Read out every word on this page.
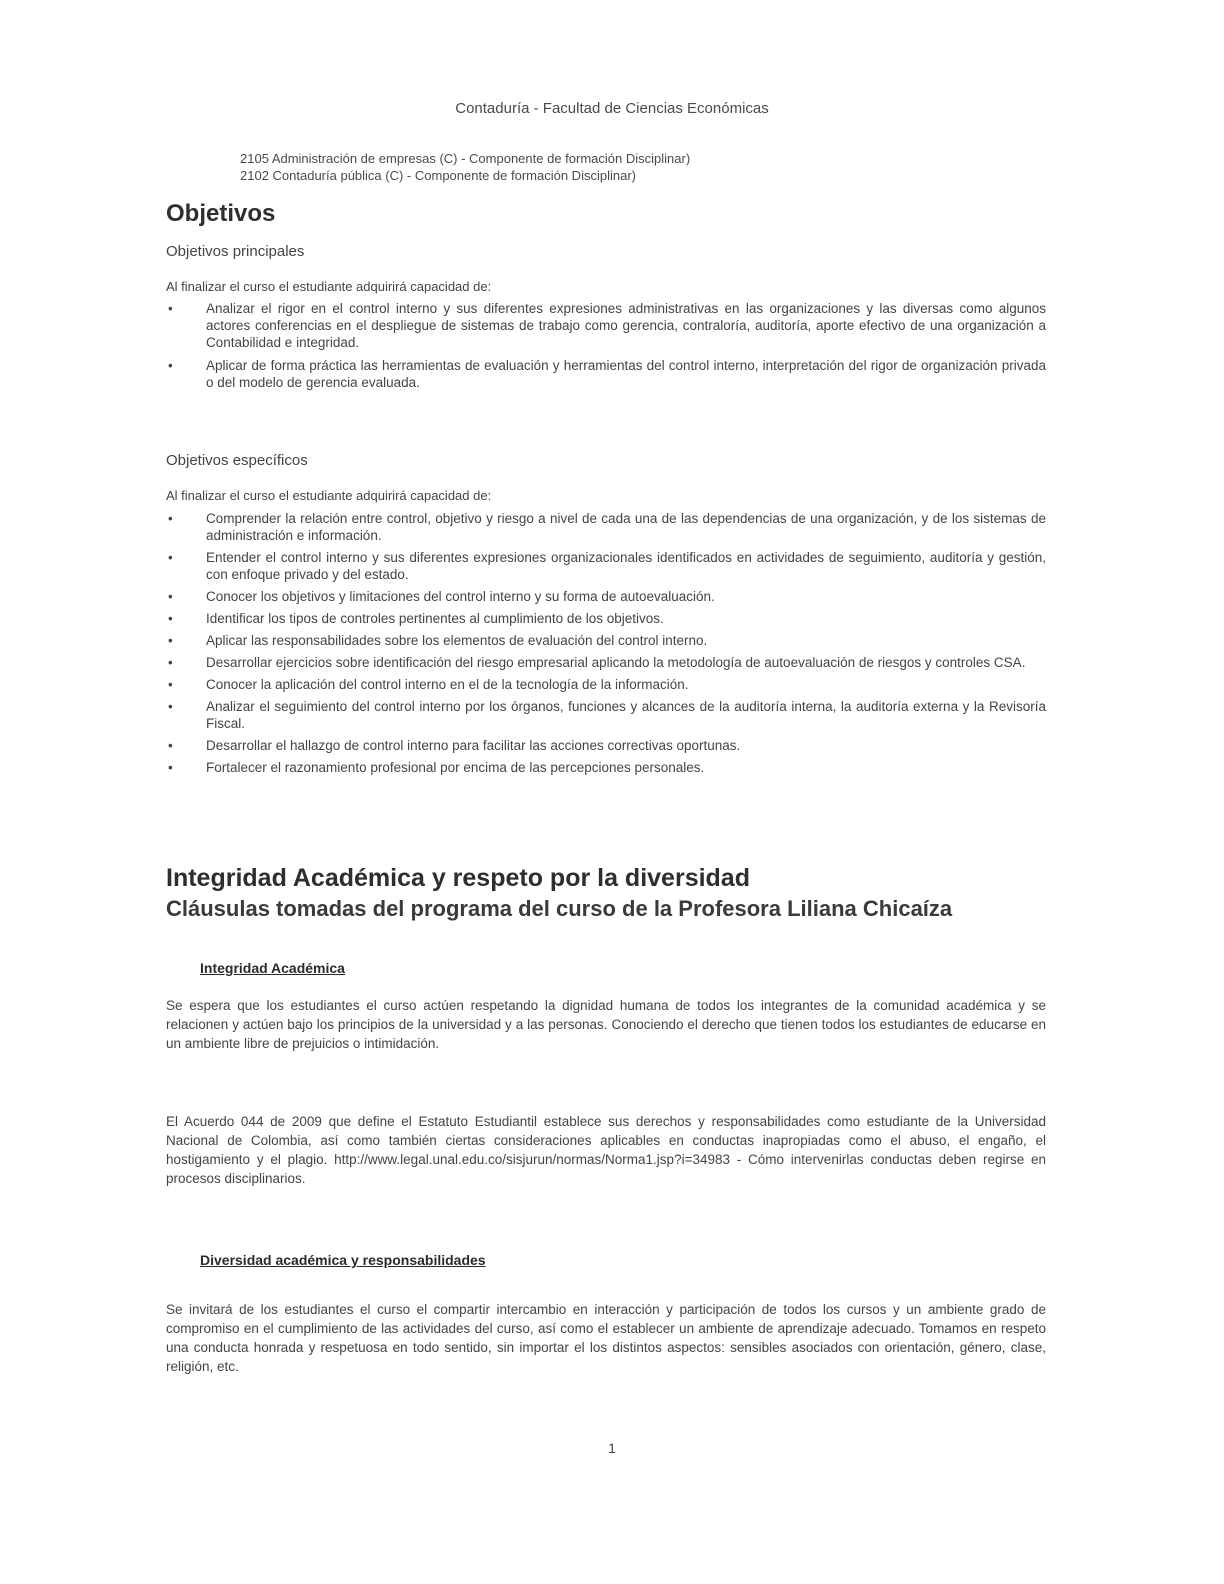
Contaduría - Facultad de Ciencias Económicas
2105 Administración de empresas (C) - Componente de formación Disciplinar)
2102 Contaduría pública (C) - Componente de formación Disciplinar)
Objetivos
Objetivos principales
Al finalizar el curso el estudiante adquirirá capacidad de:
• Analizar el rigor en el control interno y sus diferentes expresiones administrativas en las organizaciones y las diversas como algunos actores conferencias en el despliegue de sistemas de trabajo como gerencia, contraloría, auditoría, aporte efectivo de una organización a Contabilidad e integridad.
• Aplicar de forma práctica las herramientas de evaluación y herramientas del control interno, interpretación del rigor de organización privada o del modelo de gerencia evaluada.
Objetivos específicos
Al finalizar el curso el estudiante adquirirá capacidad de:
• Comprender la relación entre control, objetivo y riesgo a nivel de cada una de las dependencias de una organización, y de los sistemas de administración e información.
• Entender el control interno y sus diferentes expresiones organizacionales identificados en actividades de seguimiento, auditoría y gestión, con enfoque privado y del estado.
• Conocer los objetivos y limitaciones del control interno y su forma de autoevaluación.
• Identificar los tipos de controles pertinentes al cumplimiento de los objetivos.
• Aplicar las responsabilidades sobre los elementos de evaluación del control interno.
• Desarrollar ejercicios sobre identificación del riesgo empresarial aplicando la metodología de autoevaluación de riesgos y controles CSA.
• Conocer la aplicación del control interno en el de la tecnología de la información.
• Analizar el seguimiento del control interno por los órganos, funciones y alcances de la auditoría interna, la auditoría externa y la Revisoría Fiscal.
• Desarrollar el hallazgo de control interno para facilitar las acciones correctivas oportunas.
• Fortalecer el razonamiento profesional por encima de las percepciones personales.
Integridad Académica y respeto por la diversidad
Cláusulas tomadas del programa del curso de la Profesora Liliana Chicaíza
Integridad Académica
Se espera que los estudiantes el curso actúen respetando la dignidad humana de todos los integrantes de la comunidad académica y se relacionen y actúen bajo los principios de la universidad y a las personas. Conociendo el derecho que tienen todos los estudiantes de educarse en un ambiente libre de prejuicios o intimidación.
El Acuerdo 044 de 2009 que define el Estatuto Estudiantil establece sus derechos y responsabilidades como estudiante de la Universidad Nacional de Colombia, así como también ciertas consideraciones aplicables en conductas inapropiadas como el abuso, el engaño, el hostigamiento y el plagio. http://www.legal.unal.edu.co/sisjurun/normas/Norma1.jsp?i=34983 - Cómo intervenirlas conductas deben regirse en procesos disciplinarios.
Diversidad académica y responsabilidades
Se invitará de los estudiantes el curso el compartir intercambio en interacción y participación de todos los cursos y un ambiente grado de compromiso en el cumplimiento de las actividades del curso, así como el establecer un ambiente de aprendizaje adecuado. Tomamos en respeto una conducta honrada y respetuosa en todo sentido, sin importar el los distintos aspectos: sensibles asociados con orientación, género, clase, religión, etc.
1
